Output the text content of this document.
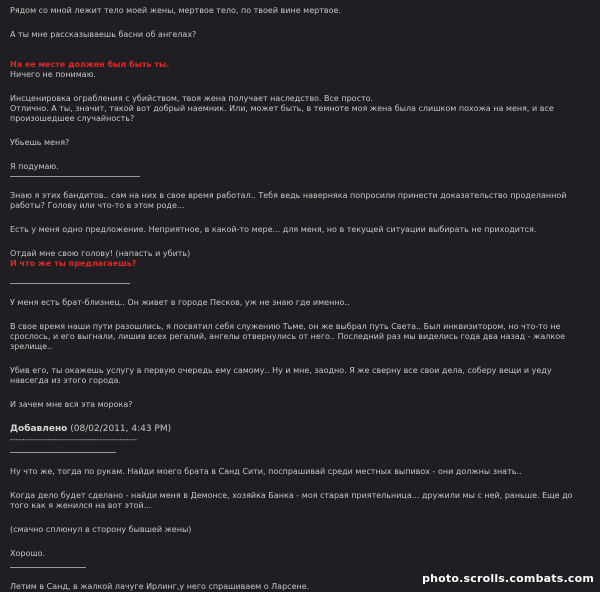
Рядом со мной лежит тело моей жены, мертвое тело, по твоей вине мертвое.

А ты мне рассказываешь басни об ангелах?

На ее месте должен был быть ты.

Ничего не понимаю.

Инсценировка ограбления с убийством, твоя жена получает наследство. Все просто.

Отлично. А ты, значит, такой вот добрый наемник. Или, может быть, в темноте моя жена была слишком похожа на меня, и все произошедшее случайность?

Убьешь меня?

Я подумаю.

Знаю я этих бандитов.. сам на них в свое время работал.. Тебя ведь наверняка попросили принести доказательство проделанной работы? Голову или что-то в этом роде...

Есть у меня одно предложение. Неприятное, в какой-то мере... для меня, но в текущей ситуации выбирать не приходится.

Отдай мне свою голову! (напасть и убить)

И что же ты предлагаешь?

У меня есть брат-близнец.. Он живет в городе Песков, уж не знаю где именно..

В свое время наши пути разошлись, я посвятил себя служению Тьме, он же выбрал путь Света.. Был инквизитором, но что-то не срослось, и его выгнали, лишив всех регалий, ангелы отвернулись от него.. Последний раз мы виделись года два назад - жалкое зрелище..

Убив его, ты окажешь услугу в первую очередь ему самому.. Ну и мне, заодно. Я же сверну все свои дела, соберу вещи и уеду навсегда из этого города.

И зачем мне вся эта морока?

Добавлено (08/02/2011, 4:43 PM)

--------------------------------------------

Ну что же, тогда по рукам. Найди моего брата в Санд Сити, поспрашивай среди местных выпивох - они должны знать..

Когда дело будет сделано - найди меня в Демонсе, хозяйка Банка - моя старая приятельница... дружили мы с ней, раньше. Еще до того как я женился на вот этой...

(смачно сплюнул в сторону бывшей жены)

Хорошо.

Летим в Санд, в жалкой лачуге Ирлинг,у него спрашиваем о Ларсене.

photo.scrolls.combats.com
